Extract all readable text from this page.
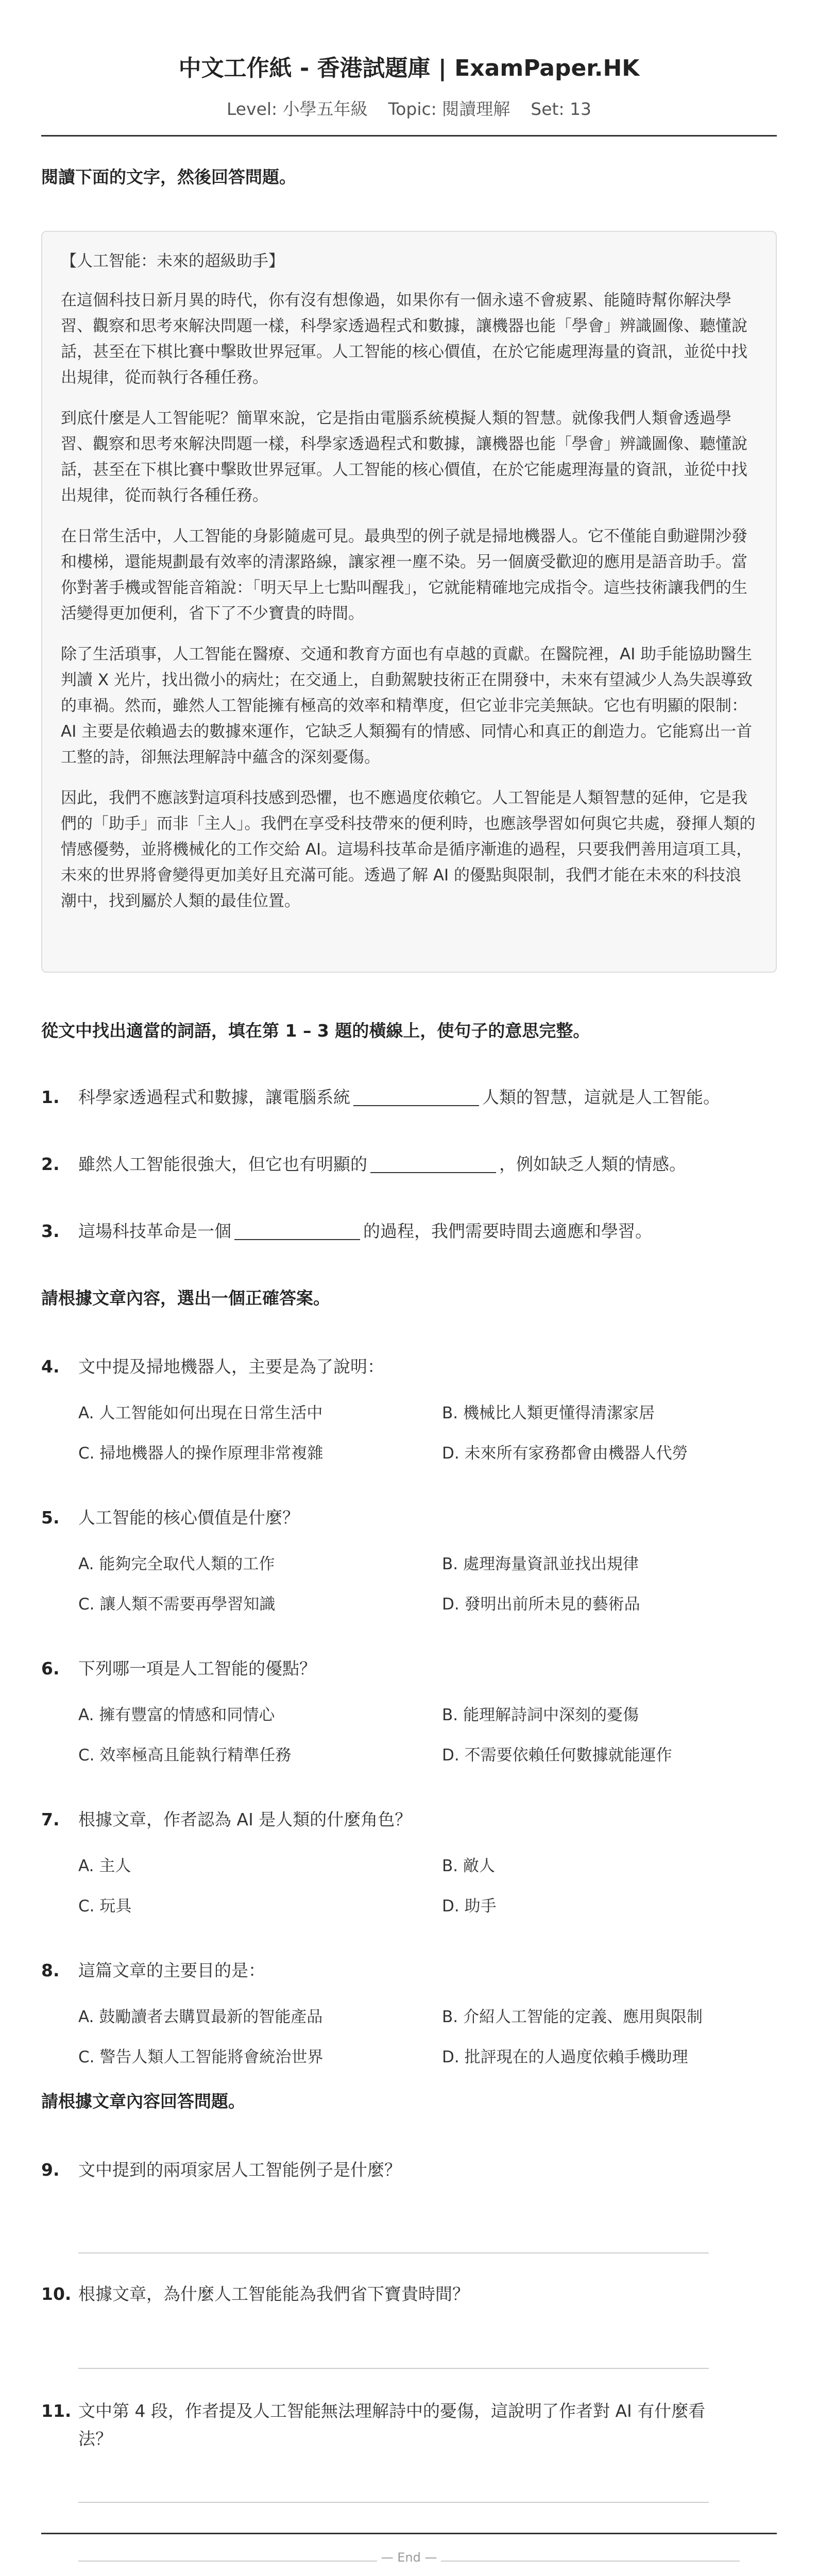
中文工作紙 - 香港試題庫 | ExamPaper.HK
Level: 小學五年級 Topic: 閱讀理解 Set: 13
閱讀下面的文字，然後回答問題。

【人工智能：未來的超級助手】

在這個科技日新月異的時代，你有沒有想像過，如果你有一個永遠不會疲累、能隨時幫你解決學習、觀察和思考來解決問題一樣，科學家透過程式和數據，讓機器也能「學會」辨識圖像、聽懂說話，甚至在下棋比賽中擊敗世界冠軍。人工智能的核心價值，在於它能處理海量的資訊，並從中找出規律，從而執行各種任務。

到底什麼是人工智能呢？簡單來說，它是指由電腦系統模擬人類的智慧。就像我們人類會透過學習、觀察和思考來解決問題一樣，科學家透過程式和數據，讓機器也能「學會」辨識圖像、聽懂說話，甚至在下棋比賽中擊敗世界冠軍。人工智能的核心價值，在於它能處理海量的資訊，並從中找出規律，從而執行各種任務。

在日常生活中，人工智能的身影隨處可見。最典型的例子就是掃地機器人。它不僅能自動避開沙發和樓梯，還能規劃最有效率的清潔路線，讓家裡一塵不染。另一個廣受歡迎的應用是語音助手。當你對著手機或智能音箱說：「明天早上七點叫醒我」，它就能精確地完成指令。這些技術讓我們的生活變得更加便利，省下了不少寶貴的時間。

除了生活瑣事，人工智能在醫療、交通和教育方面也有卓越的貢獻。在醫院裡，AI 助手能協助醫生判讀 X 光片，找出微小的病灶；在交通上，自動駕駛技術正在開發中，未來有望減少人為失誤導致的車禍。然而，雖然人工智能擁有極高的效率和精準度，但它並非完美無缺。它也有明顯的限制：AI 主要是依賴過去的數據來運作，它缺乏人類獨有的情感、同情心和真正的創造力。它能寫出一首工整的詩，卻無法理解詩中蘊含的深刻憂傷。

因此，我們不應該對這項科技感到恐懼，也不應過度依賴它。人工智能是人類智慧的延伸，它是我們的「助手」而非「主人」。我們在享受科技帶來的便利時，也應該學習如何與它共處，發揮人類的情感優勢，並將機械化的工作交給 AI。這場科技革命是循序漸進的過程，只要我們善用這項工具，未來的世界將會變得更加美好且充滿可能。透過了解 AI 的優點與限制，我們才能在未來的科技浪潮中，找到屬於人類的最佳位置。

從文中找出適當的詞語，填在第 1 – 3 題的橫線上，使句子的意思完整。
1. 科學家透過程式和數據，讓電腦系統	人類的智慧，這就是人工智能。
2. 雖然人工智能很強大，但它也有明顯的	，例如缺乏人類的情感。
3. 這場科技革命是一個	的過程，我們需要時間去適應和學習。
請根據文章內容，選出一個正確答案。
4. 文中提及掃地機器人，主要是為了說明：
A. 人工智能如何出現在日常生活中	B. 機械比人類更懂得清潔家居
C. 掃地機器人的操作原理非常複雜	D. 未來所有家務都會由機器人代勞
5. 人工智能的核心價值是什麼？
A. 能夠完全取代人類的工作	B. 處理海量資訊並找出規律
C. 讓人類不需要再學習知識	D. 發明出前所未見的藝術品
6. 下列哪一項是人工智能的優點？
A. 擁有豐富的情感和同情心	B. 能理解詩詞中深刻的憂傷
C. 效率極高且能執行精準任務	D. 不需要依賴任何數據就能運作
7. 根據文章，作者認為 AI 是人類的什麼角色？
A. 主人	B. 敵人
C. 玩具	D. 助手
8. 這篇文章的主要目的是：
A. 鼓勵讀者去購買最新的智能產品	B. 介紹人工智能的定義、應用與限制
C. 警告人類人工智能將會統治世界	D. 批評現在的人過度依賴手機助理
請根據文章內容回答問題。
9. 文中提到的兩項家居人工智能例子是什麼？
10. 根據文章，為什麼人工智能能為我們省下寶貴時間？
11. 文中第 4 段，作者提及人工智能無法理解詩中的憂傷，這說明了作者對 AI 有什麼看
法？
— End —
